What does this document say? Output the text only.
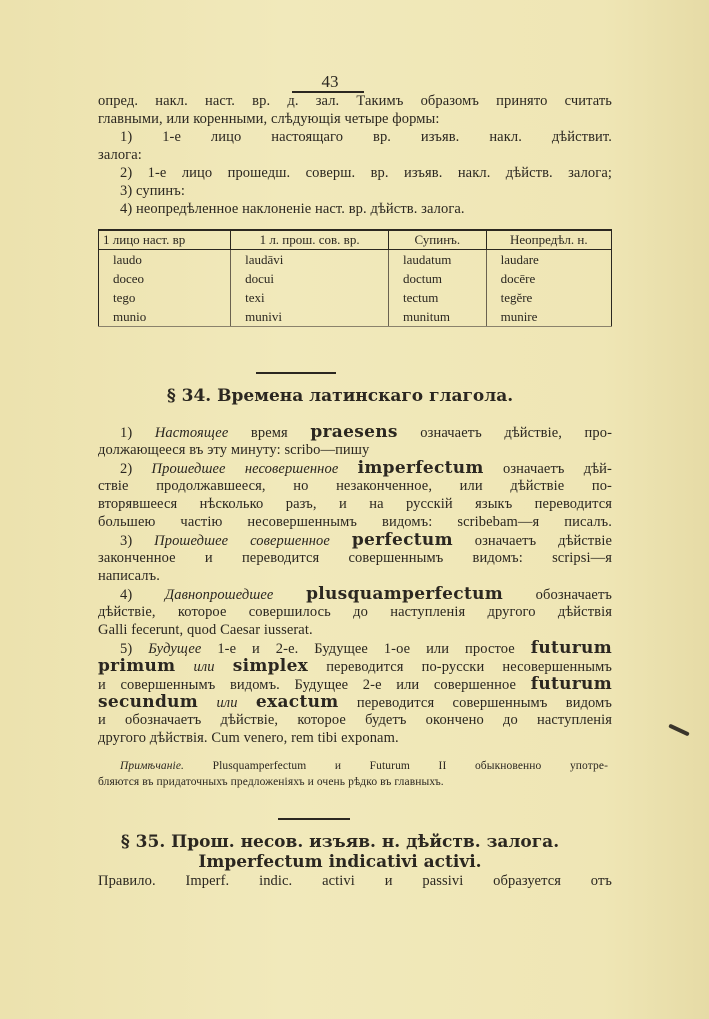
43
опред. накл. наст. вр. д. зал. Такимъ образомъ принято считать
главными, или коренными, слѣдующія четыре формы:
1) 1-е лицо настоящаго вр. изъяв. накл. дѣйствит.
залога:
2) 1-е лицо прошедш. соверш. вр. изъяв. накл. дѣйств. залога;
3) супинъ:
4) неопредѣленное наклоненіе наст. вр. дѣйств. залога.
1 лицо наст. вр	1 л. прош. сов. вр.	Супинъ.	Неопредѣл. н.
laudo	laudāvi	laudatum	laudare
doceo	docui	doctum	docēre
tego	texi	tectum	tegĕre
munio	munivi	munitum	munire
§ 34. Времена латинскаго глагола.
1) Настоящее время praesens означаетъ дѣйствіе, про-
должающееся въ эту минуту: scribo—пишу
2) Прошедшее несовершенное imperfectum означаетъ дѣй-
ствіе продолжавшееся, но незаконченное, или дѣйствіе по-
вторявшееся нѣсколько разъ, и на русскій языкъ переводится
большею частію несовершеннымъ видомъ: scribebam—я писалъ.
3) Прошедшее совершенное perfectum означаетъ дѣйствіе
законченное и переводится совершеннымъ видомъ: scripsi—я
написалъ.
4) Давнопрошедшее plusquamperfectum обозначаетъ
дѣйствіе, которое совершилось до наступленія другого дѣйствія
Galli fecerunt, quod Caesar iusserat.
5) Будущее 1-е и 2-е. Будущее 1-ое или простое futurum
primum или simplex переводится по-русски несовершеннымъ
и совершеннымъ видомъ. Будущее 2-е или совершенное futurum
secundum или exactum переводится совершеннымъ видомъ
и обозначаетъ дѣйствіе, которое будетъ окончено до наступленія
другого дѣйствія. Cum venero, rem tibi exponam.
Примѣчаніе. Plusquamperfectum и Futurum II обыкновенно употре-
бляются въ придаточныхъ предложеніяхъ и очень рѣдко въ главныхъ.
§ 35. Прош. несов. изъяв. н. дѣйств. залога.
Imperfectum indicativi activi.
Правило. Imperf. indic. activi и passivi образуется отъ
